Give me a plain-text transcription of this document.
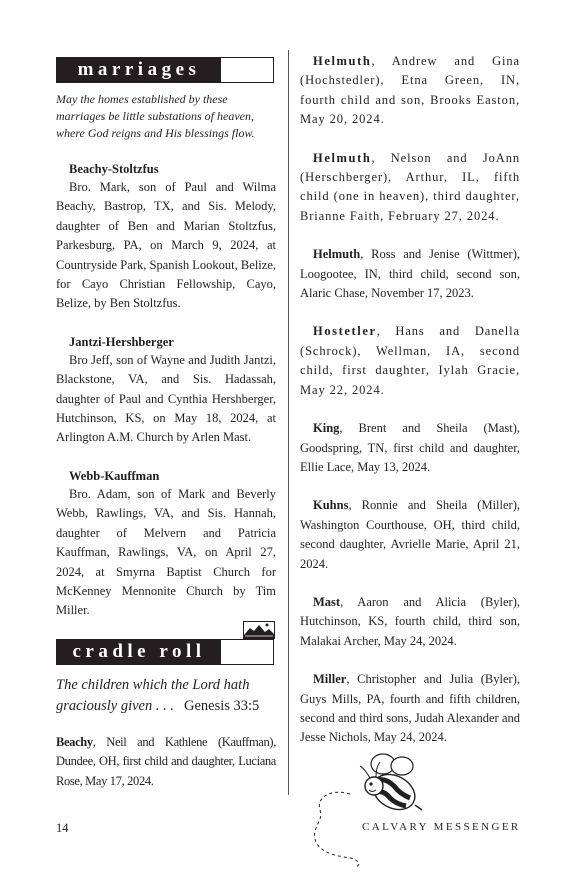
marriages

May the homes established by these marriages be little substations of heaven, where God reigns and His blessings flow.

Beachy-Stoltzfus

Bro. Mark, son of Paul and Wilma Beachy, Bastrop, TX, and Sis. Melody, daughter of Ben and Marian Stoltzfus, Parkesburg, PA, on March 9, 2024, at Countryside Park, Spanish Lookout, Belize, for Cayo Christian Fellowship, Cayo, Belize, by Ben Stoltzfus.

Jantzi-Hershberger

Bro Jeff, son of Wayne and Judith Jantzi, Blackstone, VA, and Sis. Hadassah, daughter of Paul and Cynthia Hershberger, Hutchinson, KS, on May 18, 2024, at Arlington A.M. Church by Arlen Mast.

Webb-Kauffman

Bro. Adam, son of Mark and Beverly Webb, Rawlings, VA, and Sis. Hannah, daughter of Melvern and Patricia Kauffman, Rawlings, VA, on April 27, 2024, at Smyrna Baptist Church for McKenney Mennonite Church by Tim Miller.

cradle roll

The children which the Lord hath graciously given . . . Genesis 33:5

Beachy, Neil and Kathlene (Kauffman), Dundee, OH, first child and daughter, Luciana Rose, May 17, 2024.

Helmuth, Andrew and Gina (Hochstedler), Etna Green, IN, fourth child and son, Brooks Easton, May 20, 2024.

Helmuth, Nelson and JoAnn (Herschberger), Arthur, IL, fifth child (one in heaven), third daughter, Brianne Faith, February 27, 2024.

Helmuth, Ross and Jenise (Wittmer), Loogootee, IN, third child, second son, Alaric Chase, November 17, 2023.

Hostetler, Hans and Danella (Schrock), Wellman, IA, second child, first daughter, Iylah Gracie, May 22, 2024.

King, Brent and Sheila (Mast), Goodspring, TN, first child and daughter, Ellie Lace, May 13, 2024.

Kuhns, Ronnie and Sheila (Miller), Washington Courthouse, OH, third child, second daughter, Avrielle Marie, April 21, 2024.

Mast, Aaron and Alicia (Byler), Hutchinson, KS, fourth child, third son, Malakai Archer, May 24, 2024.

Miller, Christopher and Julia (Byler), Guys Mills, PA, fourth and fifth children, second and third sons, Judah Alexander and Jesse Nichols, May 24, 2024.

14	CALVARY MESSENGER
